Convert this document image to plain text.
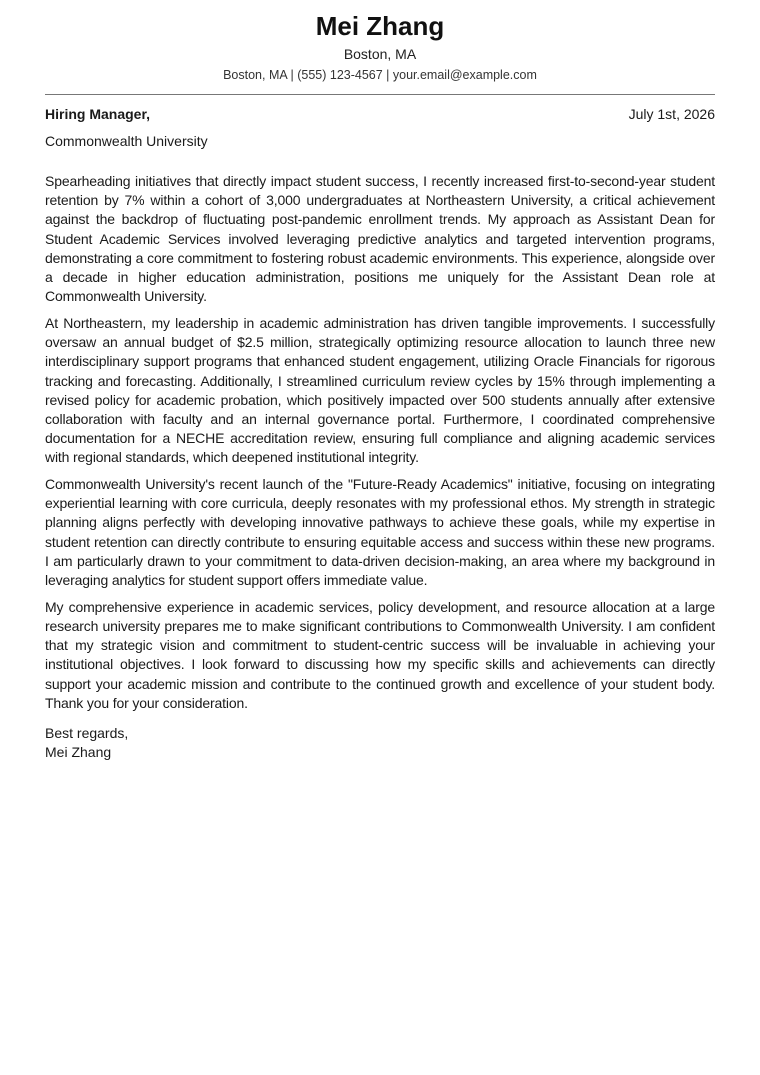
Mei Zhang
Boston, MA
Boston, MA | (555) 123-4567 | your.email@example.com
Hiring Manager,	July 1st, 2026
Commonwealth University

Spearheading initiatives that directly impact student success, I recently increased first-to-second-year student retention by 7% within a cohort of 3,000 undergraduates at Northeastern University, a critical achievement against the backdrop of fluctuating post-pandemic enrollment trends. My approach as Assistant Dean for Student Academic Services involved leveraging predictive analytics and targeted intervention programs, demonstrating a core commitment to fostering robust academic environments. This experience, alongside over a decade in higher education administration, positions me uniquely for the Assistant Dean role at Commonwealth University.

At Northeastern, my leadership in academic administration has driven tangible improvements. I successfully oversaw an annual budget of $2.5 million, strategically optimizing resource allocation to launch three new interdisciplinary support programs that enhanced student engagement, utilizing Oracle Financials for rigorous tracking and forecasting. Additionally, I streamlined curriculum review cycles by 15% through implementing a revised policy for academic probation, which positively impacted over 500 students annually after extensive collaboration with faculty and an internal governance portal. Furthermore, I coordinated comprehensive documentation for a NECHE accreditation review, ensuring full compliance and aligning academic services with regional standards, which deepened institutional integrity.

Commonwealth University's recent launch of the "Future-Ready Academics" initiative, focusing on integrating experiential learning with core curricula, deeply resonates with my professional ethos. My strength in strategic planning aligns perfectly with developing innovative pathways to achieve these goals, while my expertise in student retention can directly contribute to ensuring equitable access and success within these new programs. I am particularly drawn to your commitment to data-driven decision-making, an area where my background in leveraging analytics for student support offers immediate value.

My comprehensive experience in academic services, policy development, and resource allocation at a large research university prepares me to make significant contributions to Commonwealth University. I am confident that my strategic vision and commitment to student-centric success will be invaluable in achieving your institutional objectives. I look forward to discussing how my specific skills and achievements can directly support your academic mission and contribute to the continued growth and excellence of your student body. Thank you for your consideration.

Best regards,
Mei Zhang
